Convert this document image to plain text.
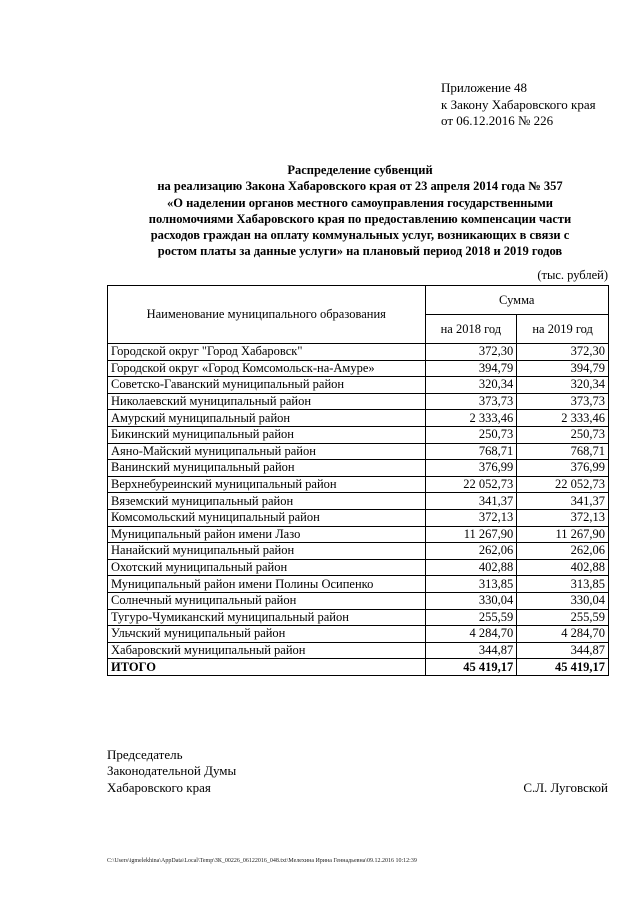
Приложение 48
к Закону Хабаровского края
от 06.12.2016 № 226
Распределение субвенций
на реализацию Закона Хабаровского края от 23 апреля 2014 года № 357
«О наделении органов местного самоуправления государственными
полномочиями Хабаровского края по предоставлению компенсации части
расходов граждан на оплату коммунальных услуг, возникающих в связи с
ростом платы за данные услуги» на плановый период 2018 и 2019 годов
(тыс. рублей)
Наименование муниципального образования	Сумма	
	на 2018 год	на 2019 год
Городской округ "Город Хабаровск"	372,30	372,30
Городской округ «Город Комсомольск-на-Амуре»	394,79	394,79
Советско-Гаванский муниципальный район	320,34	320,34
Николаевский муниципальный район	373,73	373,73
Амурский муниципальный район	2 333,46	2 333,46
Бикинский муниципальный район	250,73	250,73
Аяно-Майский муниципальный район	768,71	768,71
Ванинский муниципальный район	376,99	376,99
Верхнебуреинский муниципальный район	22 052,73	22 052,73
Вяземский муниципальный район	341,37	341,37
Комсомольский муниципальный район	372,13	372,13
Муниципальный район имени Лазо	11 267,90	11 267,90
Нанайский муниципальный район	262,06	262,06
Охотский муниципальный район	402,88	402,88
Муниципальный район имени Полины Осипенко	313,85	313,85
Солнечный муниципальный район	330,04	330,04
Тугуро-Чумиканский муниципальный район	255,59	255,59
Ульчский муниципальный район	4 284,70	4 284,70
Хабаровский муниципальный район	344,87	344,87
ИТОГО	45 419,17	45 419,17
Председатель
Законодательной Думы
Хабаровского края	С.Л. Луговской
C:\Users\igmelekhina\AppData\Local\Temp\ЗК_00226_06122016_048.txt\Мелехина Ирина Геннадьевна\09.12.2016 10:12:39
